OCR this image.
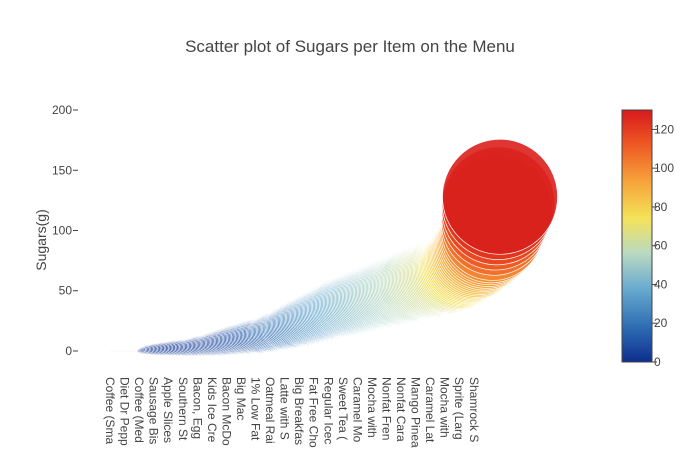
Scatter plot of Sugars per Item on the Menu
Sugars(g)
0
50
100
150
200
Coffee (Sma Diet Dr Pepp Coffee (Med Sausage Bis Apple Slices Southern St Bacon, Egg Kids Ice Cre Bacon McDo Big Mac 1% Low Fat Oatmeal Rai Latte with S Big Breakfas Fat Free Cho Regular Icec Sweet Tea ( Caramel Mo Mocha with Nonfat Fren Nonfat Cara Mango Pinea Caramel Lat Mocha with Sprite (Larg Shamrock S
0
20
40
60
80
100
120
